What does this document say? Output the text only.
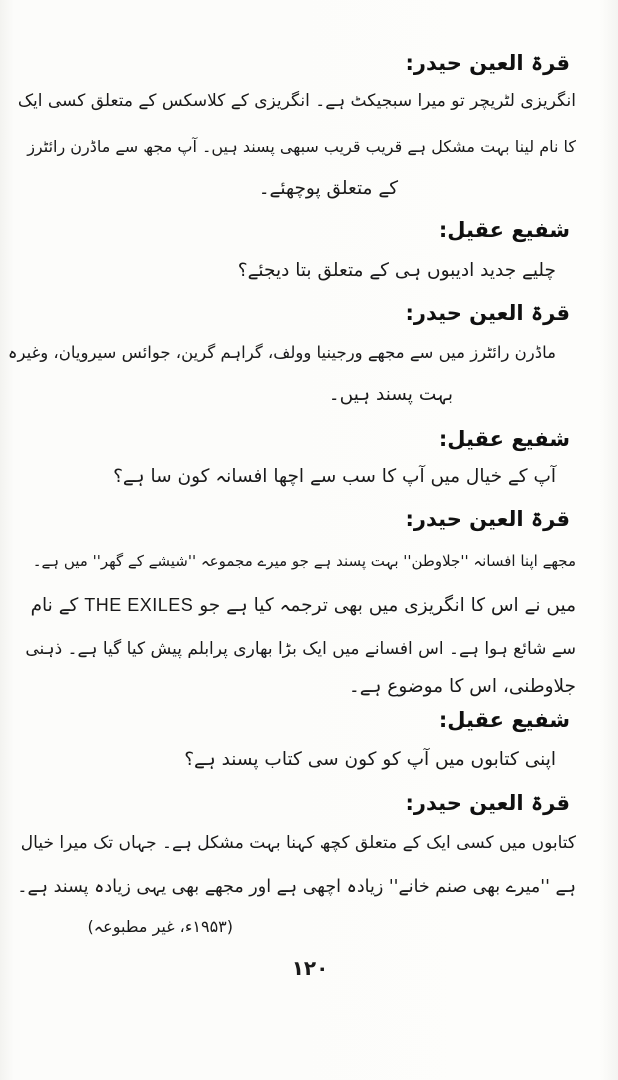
قرۃ العین حیدر:
انگریزی لٹریچر تو میرا سبجیکٹ ہے۔ انگریزی کے کلاسکس کے متعلق کسی ایک
کا نام لینا بہت مشکل ہے قریب قریب سبھی پسند ہیں۔ آپ مجھ سے ماڈرن رائٹرز
کے متعلق پوچھئے۔
شفیع عقیل:
چلیے جدید ادیبوں ہی کے متعلق بتا دیجئے؟
قرۃ العین حیدر:
ماڈرن رائٹرز میں سے مجھے ورجینیا وولف، گراہم گرین، جوائس سیرویان، وغیرہ
بہت پسند ہیں۔
شفیع عقیل:
آپ کے خیال میں آپ کا سب سے اچھا افسانہ کون سا ہے؟
قرۃ العین حیدر:
مجھے اپنا افسانہ ''جلاوطن'' بہت پسند ہے جو میرے مجموعہ ''شیشے کے گھر'' میں ہے۔
میں نے اس کا انگریزی میں بھی ترجمہ کیا ہے جو THE EXILES کے نام
سے شائع ہوا ہے۔ اس افسانے میں ایک بڑا بھاری پرابلم پیش کیا گیا ہے۔ ذہنی
جلاوطنی، اس کا موضوع ہے۔
شفیع عقیل:
اپنی کتابوں میں آپ کو کون سی کتاب پسند ہے؟
قرۃ العین حیدر:
کتابوں میں کسی ایک کے متعلق کچھ کہنا بہت مشکل ہے۔ جہاں تک میرا خیال
ہے ''میرے بھی صنم خانے'' زیادہ اچھی ہے اور مجھے بھی یہی زیادہ پسند ہے۔
(۱۹۵۳ء، غیر مطبوعہ)
۱۲۰
